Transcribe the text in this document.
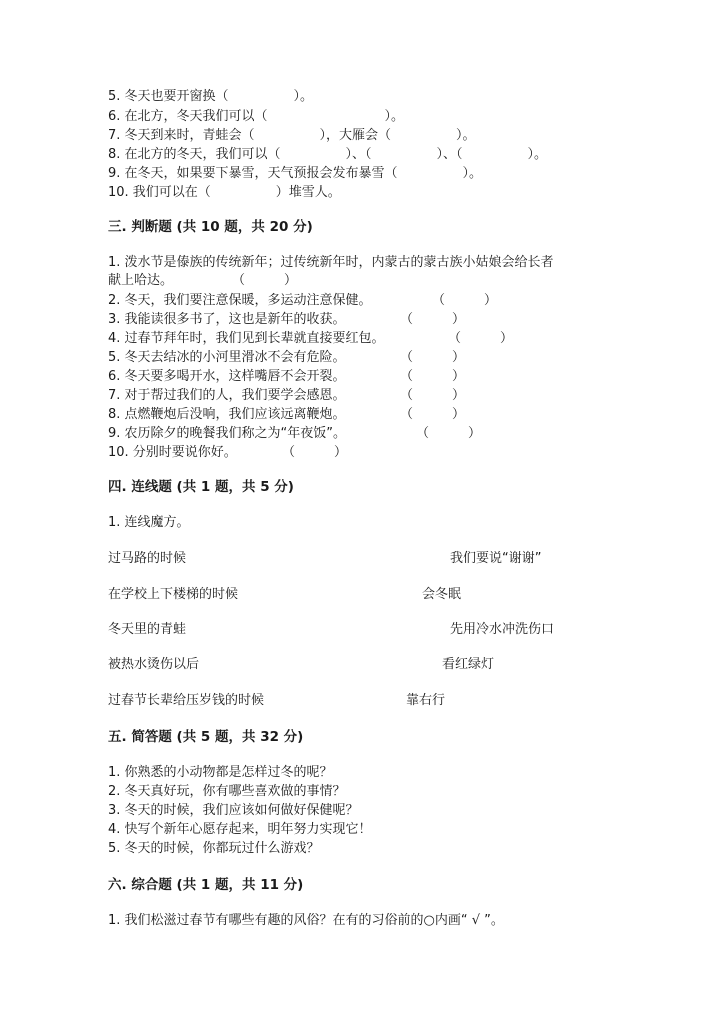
5. 冬天也要开窗换（　　　　　）。
6. 在北方，冬天我们可以（　　　　　　　　　）。
7. 冬天到来时，青蛙会（　　　　　），大雁会（　　　　　）。
8. 在北方的冬天，我们可以（　　　　　）、（　　　　　）、（　　　　　）。
9. 在冬天，如果要下暴雪，天气预报会发布暴雪（　　　　　）。
10. 我们可以在（　　　　　）堆雪人。
三. 判断题 (共 10 题，共 20 分)
1. 泼水节是傣族的传统新年；过传统新年时，内蒙古的蒙古族小姑娘会给长者
献上哈达。	（　　　）
2. 冬天，我们要注意保暖，多运动注意保健。	（　　　）
3. 我能读很多书了，这也是新年的收获。	（　　　）
4. 过春节拜年时，我们见到长辈就直接要红包。	（　　　）
5. 冬天去结冰的小河里滑冰不会有危险。	（　　　）
6. 冬天要多喝开水，这样嘴唇不会开裂。	（　　　）
7. 对于帮过我们的人，我们要学会感恩。	（　　　）
8. 点燃鞭炮后没响，我们应该远离鞭炮。	（　　　）
9. 农历除夕的晚餐我们称之为“年夜饭”。	（　　　）
10. 分别时要说你好。	（　　　）
四. 连线题 (共 1 题，共 5 分)
1. 连线魔方。
过马路的时候	我们要说“谢谢”
在学校上下楼梯的时候	会冬眠
冬天里的青蛙	先用冷水冲洗伤口
被热水烫伤以后	看红绿灯
过春节长辈给压岁钱的时候	靠右行
五. 简答题 (共 5 题，共 32 分)
1. 你熟悉的小动物都是怎样过冬的呢？
2. 冬天真好玩，你有哪些喜欢做的事情？
3. 冬天的时候，我们应该如何做好保健呢？
4. 快写个新年心愿存起来，明年努力实现它！
5. 冬天的时候，你都玩过什么游戏？
六. 综合题 (共 1 题，共 11 分)
1. 我们松滋过春节有哪些有趣的风俗？在有的习俗前的○内画“ √ ”。
